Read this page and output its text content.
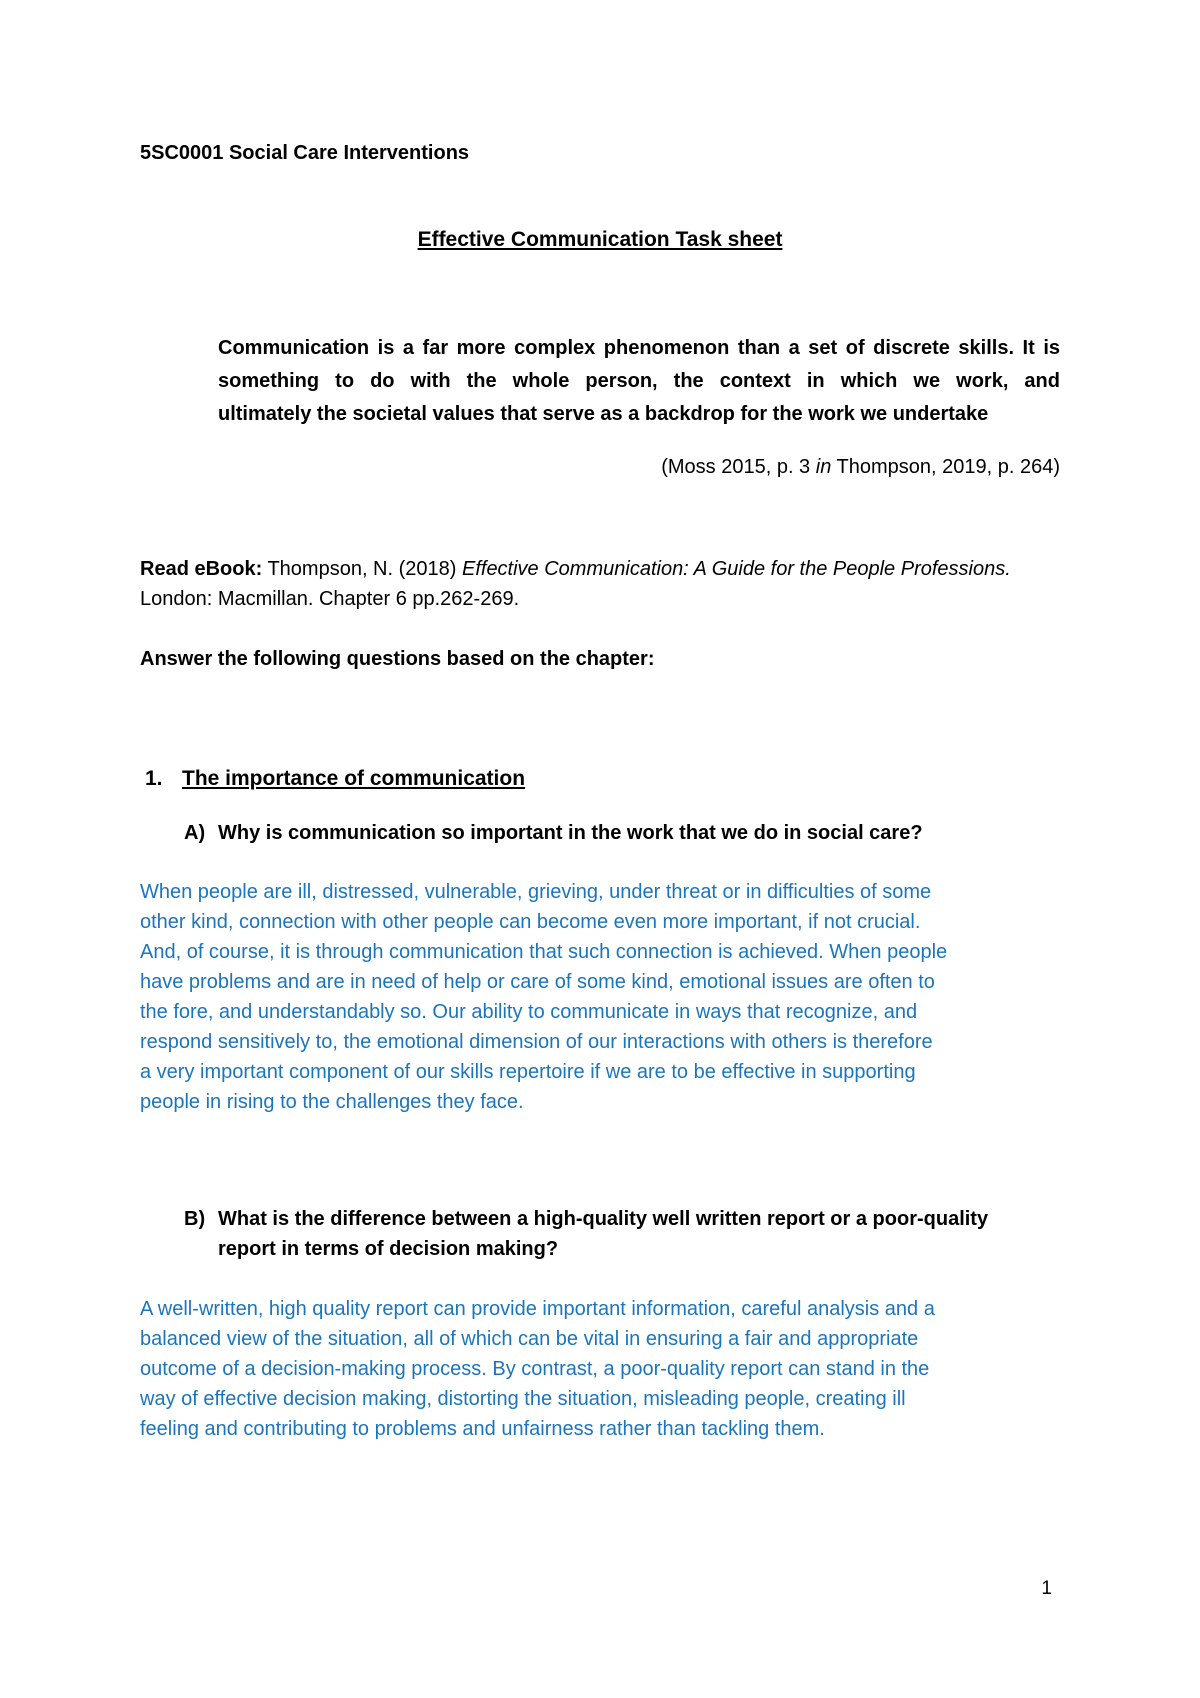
5SC0001 Social Care Interventions
Effective Communication Task sheet
Communication is a far more complex phenomenon than a set of discrete skills. It is
something to do with the whole person, the context in which we work, and
ultimately the societal values that serve as a backdrop for the work we undertake
(Moss 2015, p. 3 in Thompson, 2019, p. 264)
Read eBook: Thompson, N. (2018) Effective Communication: A Guide for the People Professions. London: Macmillan. Chapter 6 pp.262-269.
Answer the following questions based on the chapter:
1. The importance of communication
A) Why is communication so important in the work that we do in social care?
When people are ill, distressed, vulnerable, grieving, under threat or in difficulties of some
other kind, connection with other people can become even more important, if not crucial.
And, of course, it is through communication that such connection is achieved. When people
have problems and are in need of help or care of some kind, emotional issues are often to
the fore, and understandably so. Our ability to communicate in ways that recognize, and
respond sensitively to, the emotional dimension of our interactions with others is therefore
a very important component of our skills repertoire if we are to be effective in supporting
people in rising to the challenges they face.
B) What is the difference between a high-quality well written report or a poor-quality
report in terms of decision making?
A well-written, high quality report can provide important information, careful analysis and a
balanced view of the situation, all of which can be vital in ensuring a fair and appropriate
outcome of a decision-making process. By contrast, a poor-quality report can stand in the
way of effective decision making, distorting the situation, misleading people, creating ill
feeling and contributing to problems and unfairness rather than tackling them.
1
